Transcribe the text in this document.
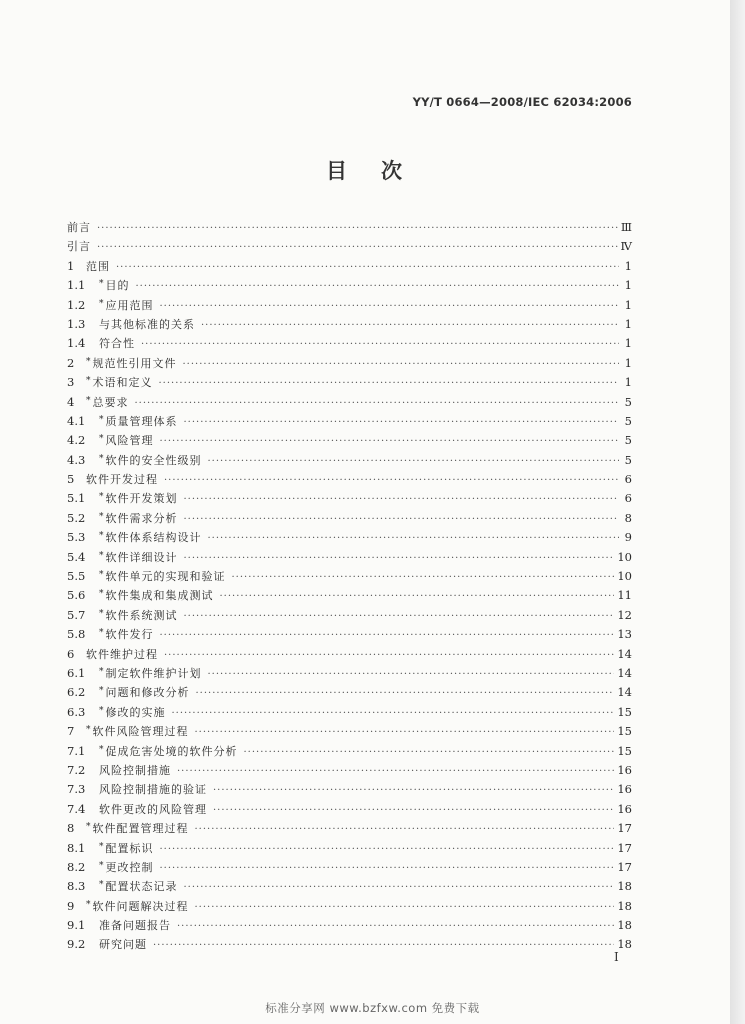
YY/T 0664—2008/IEC 62034:2006
目 次
前言 ·····	Ⅲ
引言 ·····	Ⅳ
1	范围 ·····	1
1.1	* 目的 ·····	1
1.2	* 应用范围 ·····	1
1.3	与其他标准的关系 ·····	1
1.4	符合性 ·····	1
2	* 规范性引用文件 ·····	1
3	* 术语和定义 ·····	1
4	* 总要求 ·····	5
4.1	* 质量管理体系 ·····	5
4.2	* 风险管理 ·····	5
4.3	* 软件的安全性级别 ·····	5
5	软件开发过程 ·····	6
5.1	* 软件开发策划 ·····	6
5.2	* 软件需求分析 ·····	8
5.3	* 软件体系结构设计 ·····	9
5.4	* 软件详细设计 ·····	10
5.5	* 软件单元的实现和验证 ·····	10
5.6	* 软件集成和集成测试 ·····	11
5.7	* 软件系统测试 ·····	12
5.8	* 软件发行 ·····	13
6	软件维护过程 ·····	14
6.1	* 制定软件维护计划 ·····	14
6.2	* 问题和修改分析 ·····	14
6.3	* 修改的实施 ·····	15
7	* 软件风险管理过程 ·····	15
7.1	* 促成危害处境的软件分析 ·····	15
7.2	风险控制措施 ·····	16
7.3	风险控制措施的验证 ·····	16
7.4	软件更改的风险管理 ·····	16
8	* 软件配置管理过程 ·····	17
8.1	* 配置标识 ·····	17
8.2	* 更改控制 ·····	17
8.3	* 配置状态记录 ·····	18
9	* 软件问题解决过程 ·····	18
9.1	准备问题报告 ·····	18
9.2	研究问题 ·····	18
I
标准分享网 www.bzfxw.com 免费下载
